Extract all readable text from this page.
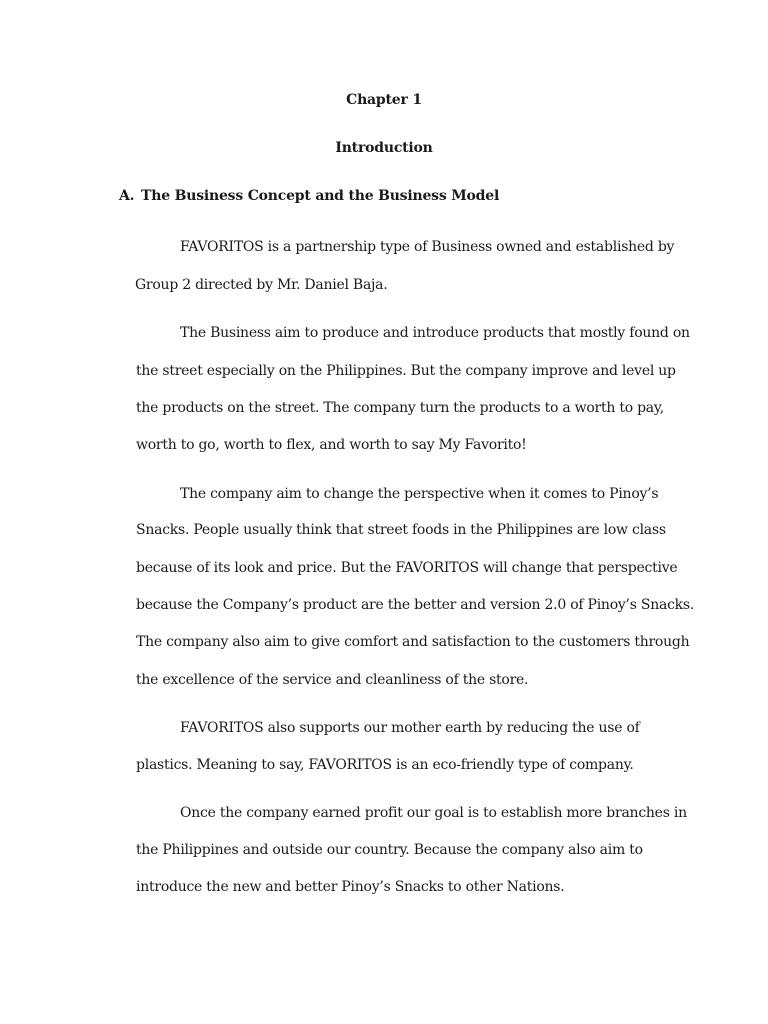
Chapter 1
Introduction
A. The Business Concept and the Business Model
FAVORITOS is a partnership type of Business owned and established by
Group 2 directed by Mr. Daniel Baja.
The Business aim to produce and introduce products that mostly found on
the street especially on the Philippines. But the company improve and level up
the products on the street. The company turn the products to a worth to pay,
worth to go, worth to flex, and worth to say My Favorito!
The company aim to change the perspective when it comes to Pinoy’s
Snacks. People usually think that street foods in the Philippines are low class
because of its look and price. But the FAVORITOS will change that perspective
because the Company’s product are the better and version 2.0 of Pinoy’s Snacks.
The company also aim to give comfort and satisfaction to the customers through
the excellence of the service and cleanliness of the store.
FAVORITOS also supports our mother earth by reducing the use of
plastics. Meaning to say, FAVORITOS is an eco-friendly type of company.
Once the company earned profit our goal is to establish more branches in
the Philippines and outside our country. Because the company also aim to
introduce the new and better Pinoy’s Snacks to other Nations.
